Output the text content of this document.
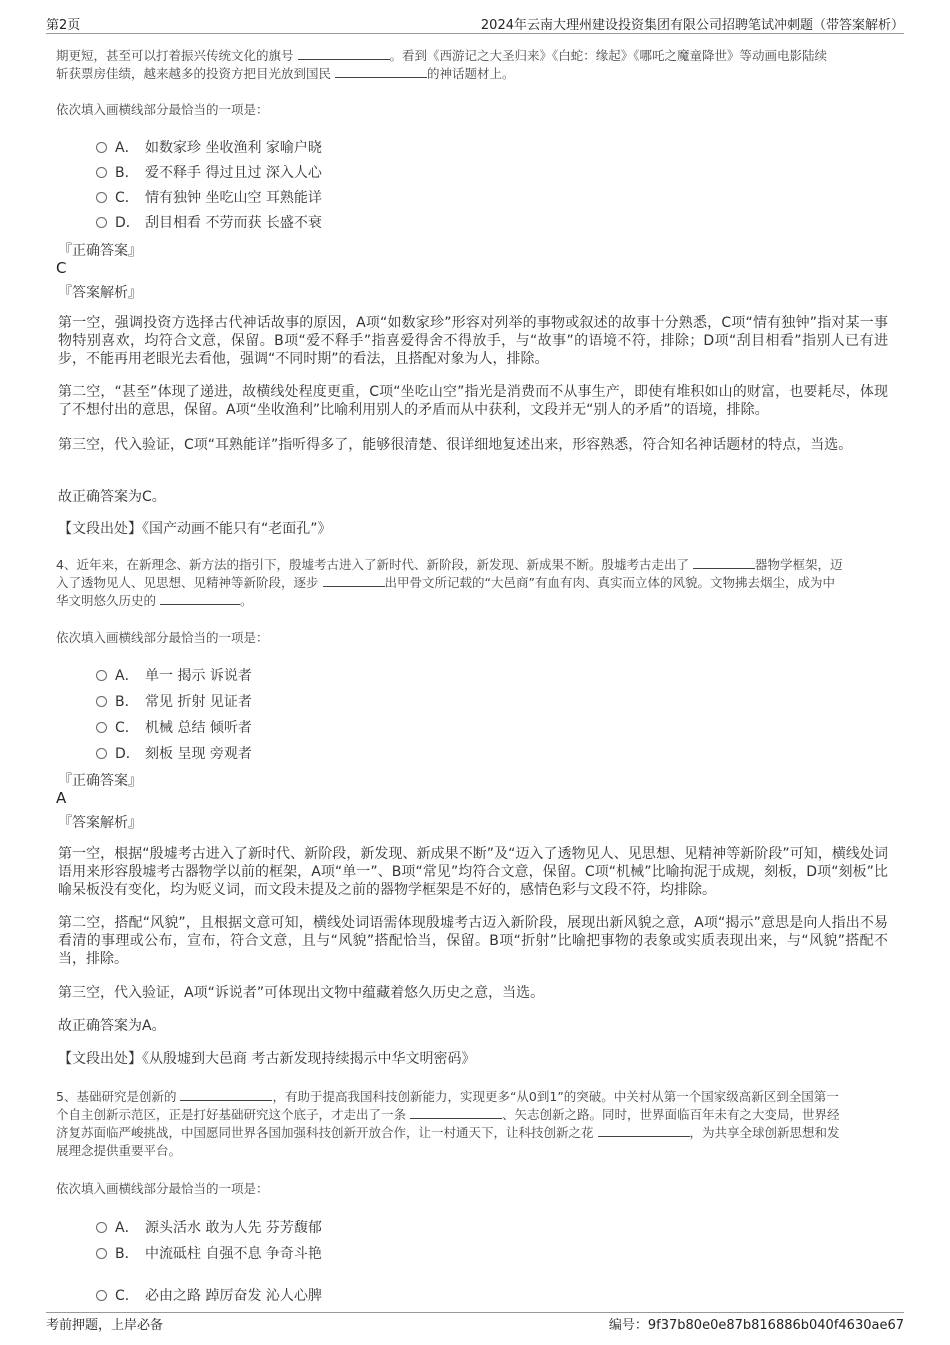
第2页	2024年云南大理州建设投资集团有限公司招聘笔试冲刺题（带答案解析）

期更短，甚至可以打着振兴传统文化的旗号	。看到《西游记之大圣归来》《白蛇：缘起》《哪吒之魔童降世》等动画电影陆续
斩获票房佳绩，越来越多的投资方把目光放到国民	的神话题材上。

依次填入画横线部分最恰当的一项是：

A． 如数家珍 坐收渔利 家喻户晓
B． 爱不释手 得过且过 深入人心
C． 情有独钟 坐吃山空 耳熟能详
D． 刮目相看 不劳而获 长盛不衰
『正确答案』
C
『答案解析』

第一空，强调投资方选择古代神话故事的原因，A项“如数家珍”形容对列举的事物或叙述的故事十分熟悉，C项“情有独钟”指对某一事物特别喜欢，均符合文意，保留。B项“爱不释手”指喜爱得舍不得放手，与“故事”的语境不符，排除；D项“刮目相看”指别人已有进步，不能再用老眼光去看他，强调“不同时期”的看法，且搭配对象为人，排除。

第二空，“甚至”体现了递进，故横线处程度更重，C项“坐吃山空”指光是消费而不从事生产，即使有堆积如山的财富，也要耗尽，体现了不想付出的意思，保留。A项“坐收渔利”比喻利用别人的矛盾而从中获利，文段并无“别人的矛盾”的语境，排除。

第三空，代入验证，C项“耳熟能详”指听得多了，能够很清楚、很详细地复述出来，形容熟悉，符合知名神话题材的特点，当选。

故正确答案为C。

【文段出处】《国产动画不能只有“老面孔”》

4、近年来，在新理念、新方法的指引下，殷墟考古进入了新时代、新阶段，新发现、新成果不断。殷墟考古走出了	器物学框架，迈
入了透物见人、见思想、见精神等新阶段，逐步	出甲骨文所记载的“大邑商”有血有肉、真实而立体的风貌。文物拂去烟尘，成为中
华文明悠久历史的	。

依次填入画横线部分最恰当的一项是：

A． 单一 揭示 诉说者
B． 常见 折射 见证者
C． 机械 总结 倾听者
D． 刻板 呈现 旁观者
『正确答案』
A
『答案解析』

第一空，根据“殷墟考古进入了新时代、新阶段，新发现、新成果不断”及“迈入了透物见人、见思想、见精神等新阶段”可知，横线处词语用来形容殷墟考古器物学以前的框架，A项“单一”、B项“常见”均符合文意，保留。C项“机械”比喻拘泥于成规，刻板，D项“刻板”比喻呆板没有变化，均为贬义词，而文段未提及之前的器物学框架是不好的，感情色彩与文段不符，均排除。

第二空，搭配“风貌”，且根据文意可知，横线处词语需体现殷墟考古迈入新阶段，展现出新风貌之意，A项“揭示”意思是向人指出不易看清的事理或公布，宣布，符合文意，且与“风貌”搭配恰当，保留。B项“折射”比喻把事物的表象或实质表现出来，与“风貌”搭配不当，排除。

第三空，代入验证，A项“诉说者”可体现出文物中蕴藏着悠久历史之意，当选。

故正确答案为A。

【文段出处】《从殷墟到大邑商 考古新发现持续揭示中华文明密码》

5、基础研究是创新的	，有助于提高我国科技创新能力，实现更多“从0到1”的突破。中关村从第一个国家级高新区到全国第一
个自主创新示范区，正是打好基础研究这个底子，才走出了一条	、矢志创新之路。同时，世界面临百年未有之大变局，世界经
济复苏面临严峻挑战，中国愿同世界各国加强科技创新开放合作，让一村通天下，让科技创新之花	，为共享全球创新思想和发
展理念提供重要平台。

依次填入画横线部分最恰当的一项是：

A． 源头活水 敢为人先 芬芳馥郁
B． 中流砥柱 自强不息 争奇斗艳
C． 必由之路 踔厉奋发 沁人心脾
考前押题，上岸必备	编号：9f37b80e0e87b816886b040f4630ae67
